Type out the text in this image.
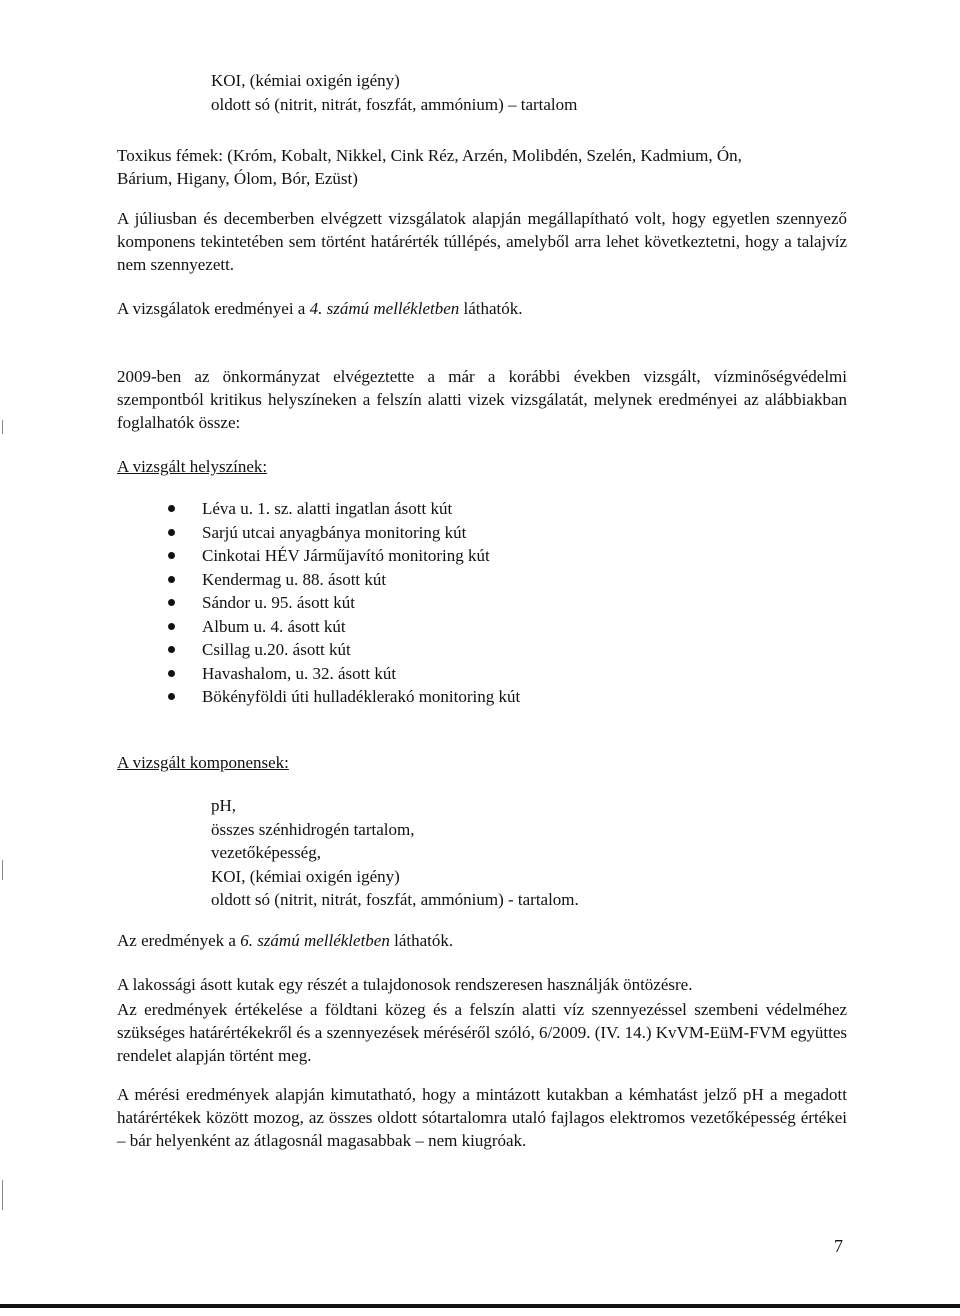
KOI, (kémiai oxigén igény)
oldott só (nitrit, nitrát, foszfát, ammónium) – tartalom
Toxikus fémek: (Króm, Kobalt, Nikkel, Cink Réz, Arzén, Molibdén, Szelén, Kadmium, Ón,
Bárium, Higany, Ólom, Bór, Ezüst)
A júliusban és decemberben elvégzett vizsgálatok alapján megállapítható volt, hogy egyetlen szennyező komponens tekintetében sem történt határérték túllépés, amelyből arra lehet következtetni, hogy a talajvíz nem szennyezett.
A vizsgálatok eredményei a 4. számú mellékletben láthatók.
2009-ben az önkormányzat elvégeztette a már a korábbi években vizsgált, vízminőségvédelmi szempontból kritikus helyszíneken a felszín alatti vizek vizsgálatát, melynek eredményei az alábbiakban foglalhatók össze:
A vizsgált helyszínek:
Léva u. 1. sz. alatti ingatlan ásott kút
Sarjú utcai anyagbánya monitoring kút
Cinkotai HÉV Járműjavító monitoring kút
Kendermag u. 88. ásott kút
Sándor u. 95. ásott kút
Album u. 4. ásott kút
Csillag u.20. ásott kút
Havashalom, u. 32. ásott kút
Bökényföldi úti hulladéklerakó monitoring kút
A vizsgált komponensek:
pH,
összes szénhidrogén tartalom,
vezetőképesség,
KOI, (kémiai oxigén igény)
oldott só (nitrit, nitrát, foszfát, ammónium) - tartalom.
Az eredmények a 6. számú mellékletben láthatók.
A lakossági ásott kutak egy részét a tulajdonosok rendszeresen használják öntözésre.
Az eredmények értékelése a földtani közeg és a felszín alatti víz szennyezéssel szembeni védelméhez szükséges határértékekről és a szennyezések méréséről szóló, 6/2009. (IV. 14.) KvVM-EüM-FVM együttes rendelet alapján történt meg.
A mérési eredmények alapján kimutatható, hogy a mintázott kutakban a kémhatást jelző pH a megadott határértékek között mozog, az összes oldott sótartalomra utaló fajlagos elektromos vezetőképesség értékei – bár helyenként az átlagosnál magasabbak – nem kiugróak.
7
